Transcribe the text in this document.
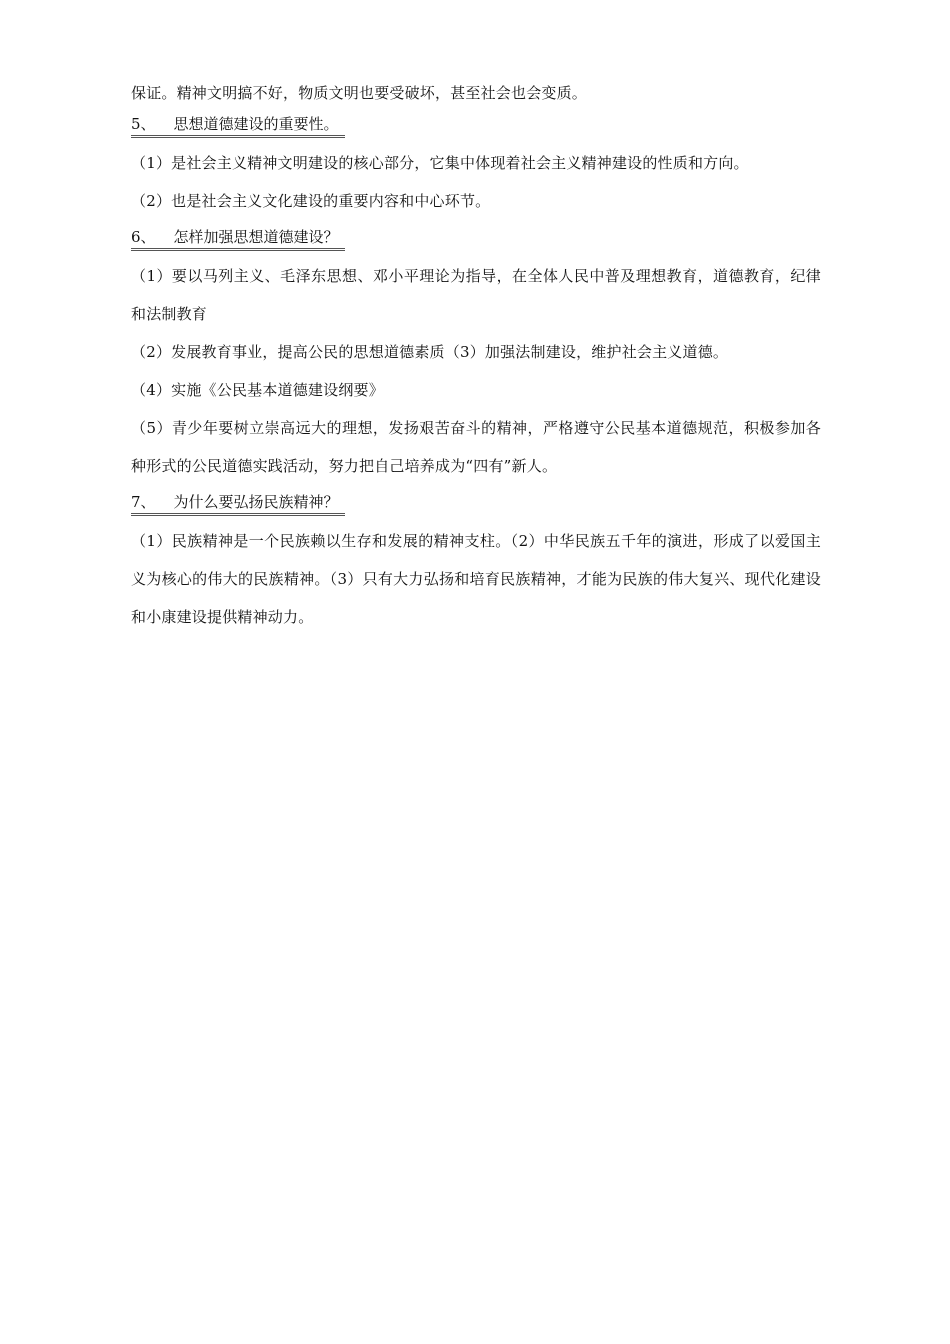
保证。精神文明搞不好，物质文明也要受破坏，甚至社会也会变质。
5、 思想道德建设的重要性。
（1）是社会主义精神文明建设的核心部分，它集中体现着社会主义精神建设的性质和方向。
（2）也是社会主义文化建设的重要内容和中心环节。
6、 怎样加强思想道德建设？
（1）要以马列主义、毛泽东思想、邓小平理论为指导，在全体人民中普及理想教育，道德教育，纪律和法制教育
（2）发展教育事业，提高公民的思想道德素质（3）加强法制建设，维护社会主义道德。
（4）实施《公民基本道德建设纲要》
（5）青少年要树立崇高远大的理想，发扬艰苦奋斗的精神，严格遵守公民基本道德规范，积极参加各种形式的公民道德实践活动，努力把自己培养成为“四有”新人。
7、 为什么要弘扬民族精神？
（1）民族精神是一个民族赖以生存和发展的精神支柱。（2）中华民族五千年的演进，形成了以爱国主义为核心的伟大的民族精神。（3）只有大力弘扬和培育民族精神，才能为民族的伟大复兴、现代化建设和小康建设提供精神动力。
